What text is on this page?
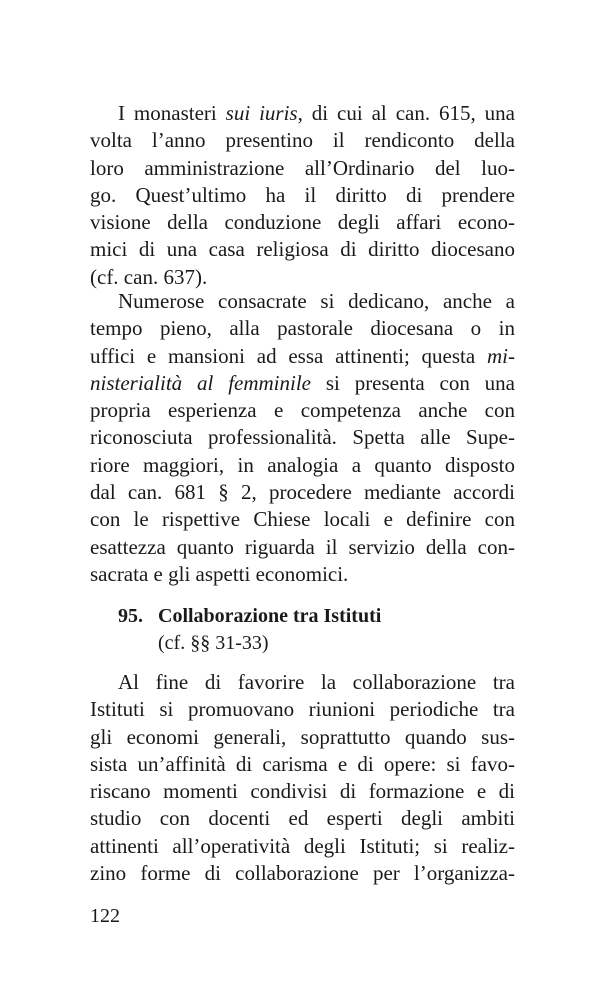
I monasteri sui iuris, di cui al can. 615, una
volta l’anno presentino il rendiconto della
loro amministrazione all’Ordinario del luo-
go. Quest’ultimo ha il diritto di prendere
visione della conduzione degli affari econo-
mici di una casa religiosa di diritto diocesano
(cf. can. 637).
Numerose consacrate si dedicano, anche a
tempo pieno, alla pastorale diocesana o in
uffici e mansioni ad essa attinenti; questa mi-
nisterialità al femminile si presenta con una
propria esperienza e competenza anche con
riconosciuta professionalità. Spetta alle Supe-
riore maggiori, in analogia a quanto disposto
dal can. 681 § 2, procedere mediante accordi
con le rispettive Chiese locali e definire con
esattezza quanto riguarda il servizio della con-
sacrata e gli aspetti economici.
95. Collaborazione tra Istituti
(cf. §§ 31-33)
Al fine di favorire la collaborazione tra
Istituti si promuovano riunioni periodiche tra
gli economi generali, soprattutto quando sus-
sista un’affinità di carisma e di opere: si favo-
riscano momenti condivisi di formazione e di
studio con docenti ed esperti degli ambiti
attinenti all’operatività degli Istituti; si realiz-
zino forme di collaborazione per l’organizza-
122
